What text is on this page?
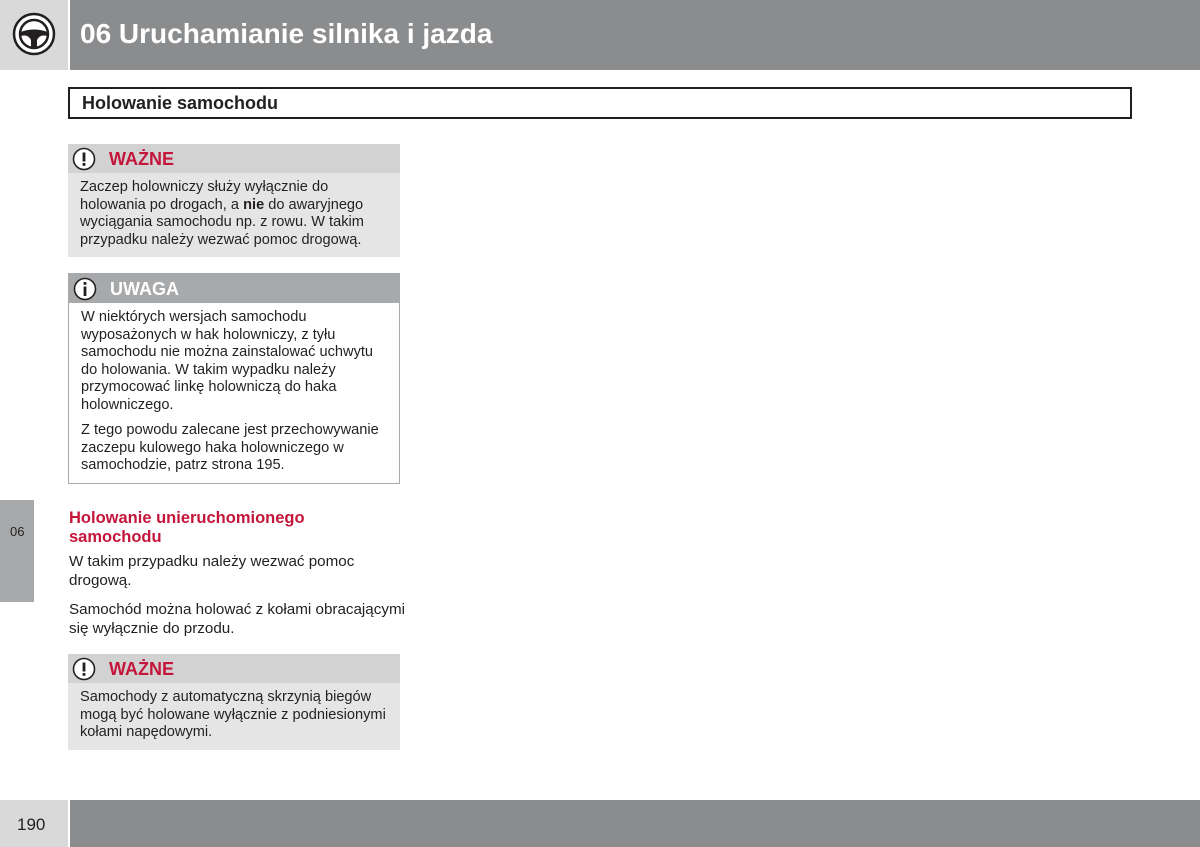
06 Uruchamianie silnika i jazda
Holowanie samochodu
WAŻNE

Zaczep holowniczy służy wyłącznie do holowania po drogach, a nie do awaryjnego wyciągania samochodu np. z rowu. W takim przypadku należy wezwać pomoc drogową.

UWAGA

W niektórych wersjach samochodu wyposażonych w hak holowniczy, z tyłu samochodu nie można zainstalować uchwytu do holowania. W takim wypadku należy przymocować linkę holowniczą do haka holowniczego.

Z tego powodu zalecane jest przechowywanie zaczepu kulowego haka holowniczego w samochodzie, patrz strona 195.

06
Holowanie unieruchomionego samochodu
W takim przypadku należy wezwać pomoc drogową.
Samochód można holować z kołami obracającymi się wyłącznie do przodu.
WAŻNE

Samochody z automatyczną skrzynią biegów mogą być holowane wyłącznie z podniesionymi kołami napędowymi.

190
